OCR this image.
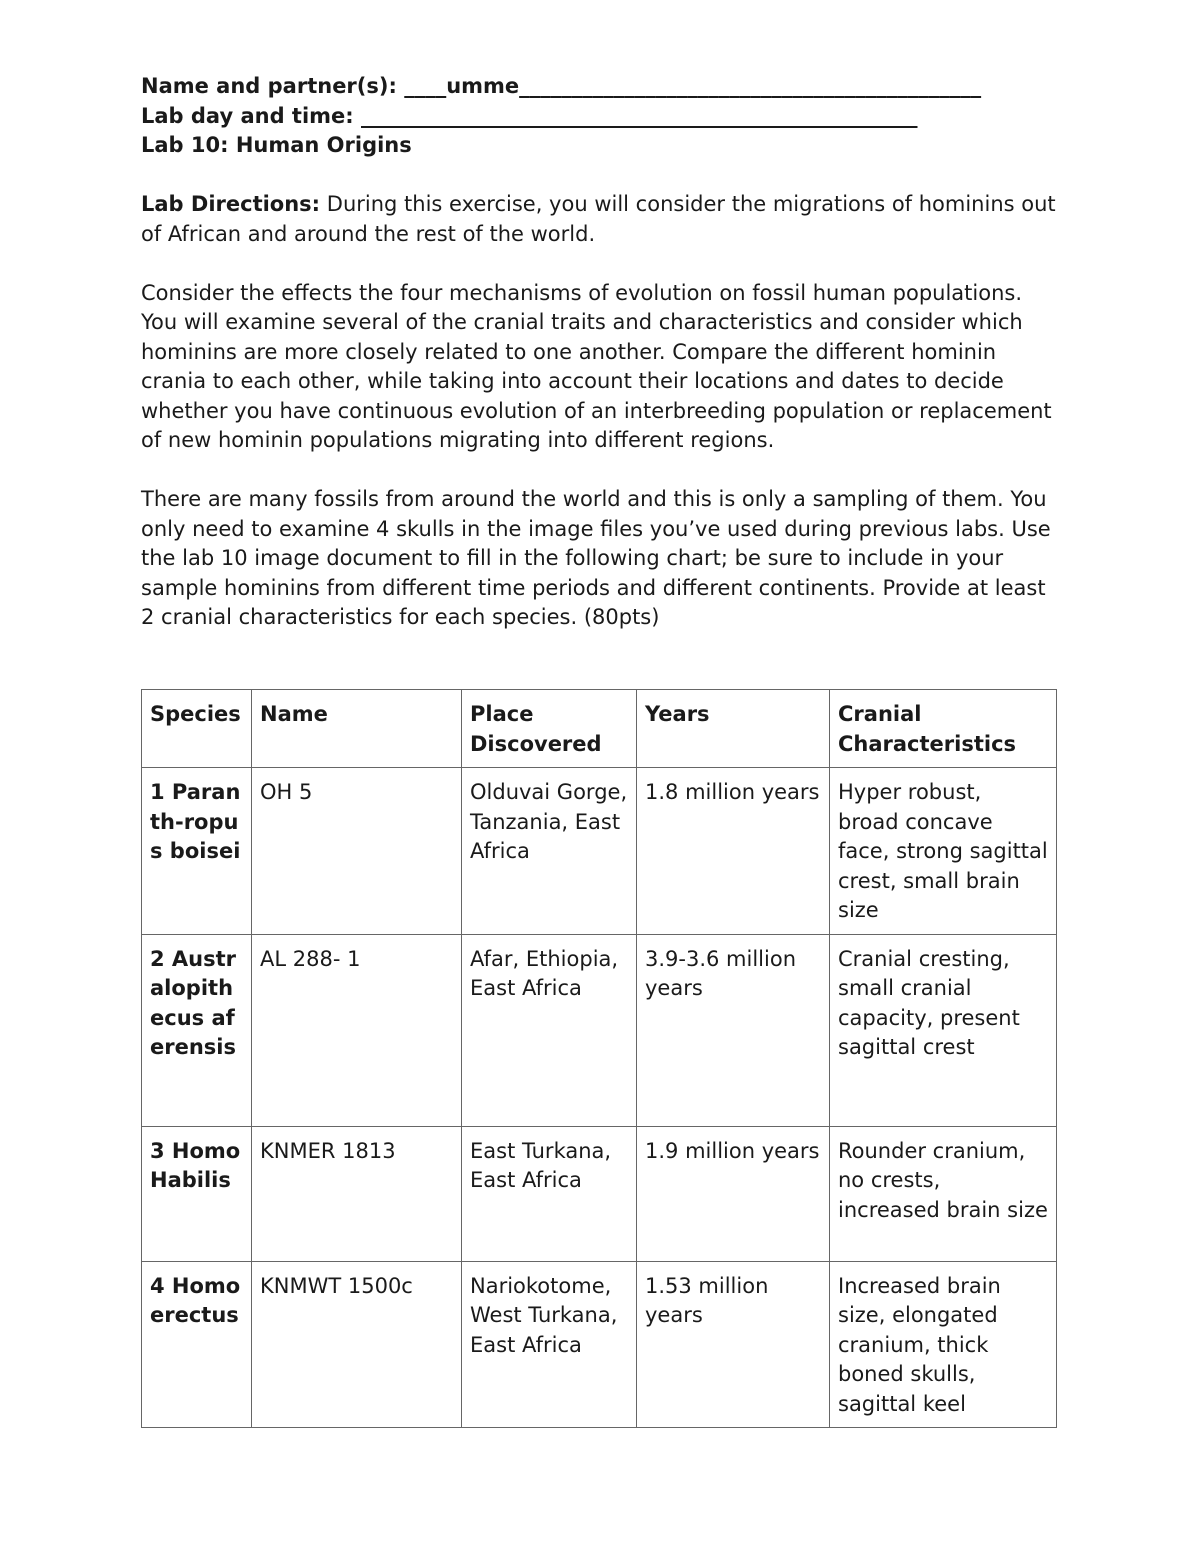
Name and partner(s): ____umme____________________________________________
Lab day and time: _____________________________________________________
Lab 10: Human Origins

Lab Directions: During this exercise, you will consider the migrations of hominins out of African and around the rest of the world.

Consider the effects the four mechanisms of evolution on fossil human populations. You will examine several of the cranial traits and characteristics and consider which hominins are more closely related to one another. Compare the different hominin crania to each other, while taking into account their locations and dates to decide whether you have continuous evolution of an interbreeding population or replacement of new hominin populations migrating into different regions.

There are many fossils from around the world and this is only a sampling of them. You only need to examine 4 skulls in the image files you’ve used during previous labs. Use the lab 10 image document to fill in the following chart; be sure to include in your sample hominins from different time periods and different continents. Provide at least 2 cranial characteristics for each species. (80pts)

Species	Name	Place Discovered	Years	Cranial Characteristics
1 Paranth-ropus boisei	OH 5	Olduvai Gorge, Tanzania, East Africa	1.8 million years	Hyper robust, broad concave face, strong sagittal crest, small brain size
2 Australopithecus aferensis	AL 288- 1	Afar, Ethiopia, East Africa	3.9-3.6 million years	Cranial cresting, small cranial capacity, present sagittal crest
3 Homo Habilis	KNMER 1813	East Turkana, East Africa	1.9 million years	Rounder cranium, no crests, increased brain size
4 Homo erectus	KNMWT 1500c	Nariokotome, West Turkana, East Africa	1.53 million years	Increased brain size, elongated cranium, thick boned skulls, sagittal keel
